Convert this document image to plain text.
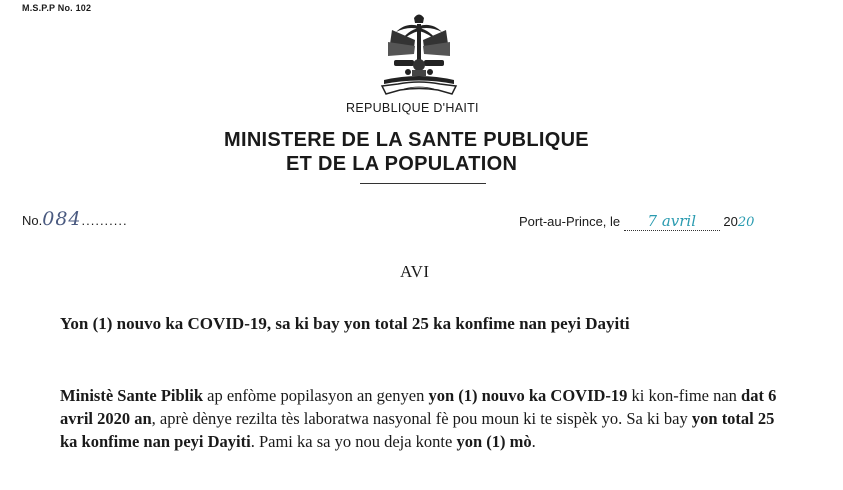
M.S.P.P No. 102
REPUBLIQUE D'HAITI
MINISTERE DE LA SANTE PUBLIQUE
ET DE LA POPULATION
No.084..........	Port-au-Prince, le 7 avril 2020
AVI
Yon (1) nouvo ka COVID-19, sa ki bay yon total 25 ka konfime nan peyi Dayiti
Ministè Sante Piblik ap enfòme popilasyon an genyen yon (1) nouvo ka COVID-19 ki kon-fime nan dat 6 avril 2020 an, aprè dènye rezilta tès laboratwa nasyonal fè pou moun ki te sispèk yo. Sa ki bay yon total 25 ka konfime nan peyi Dayiti. Pami ka sa yo nou deja konte yon (1) mò.
